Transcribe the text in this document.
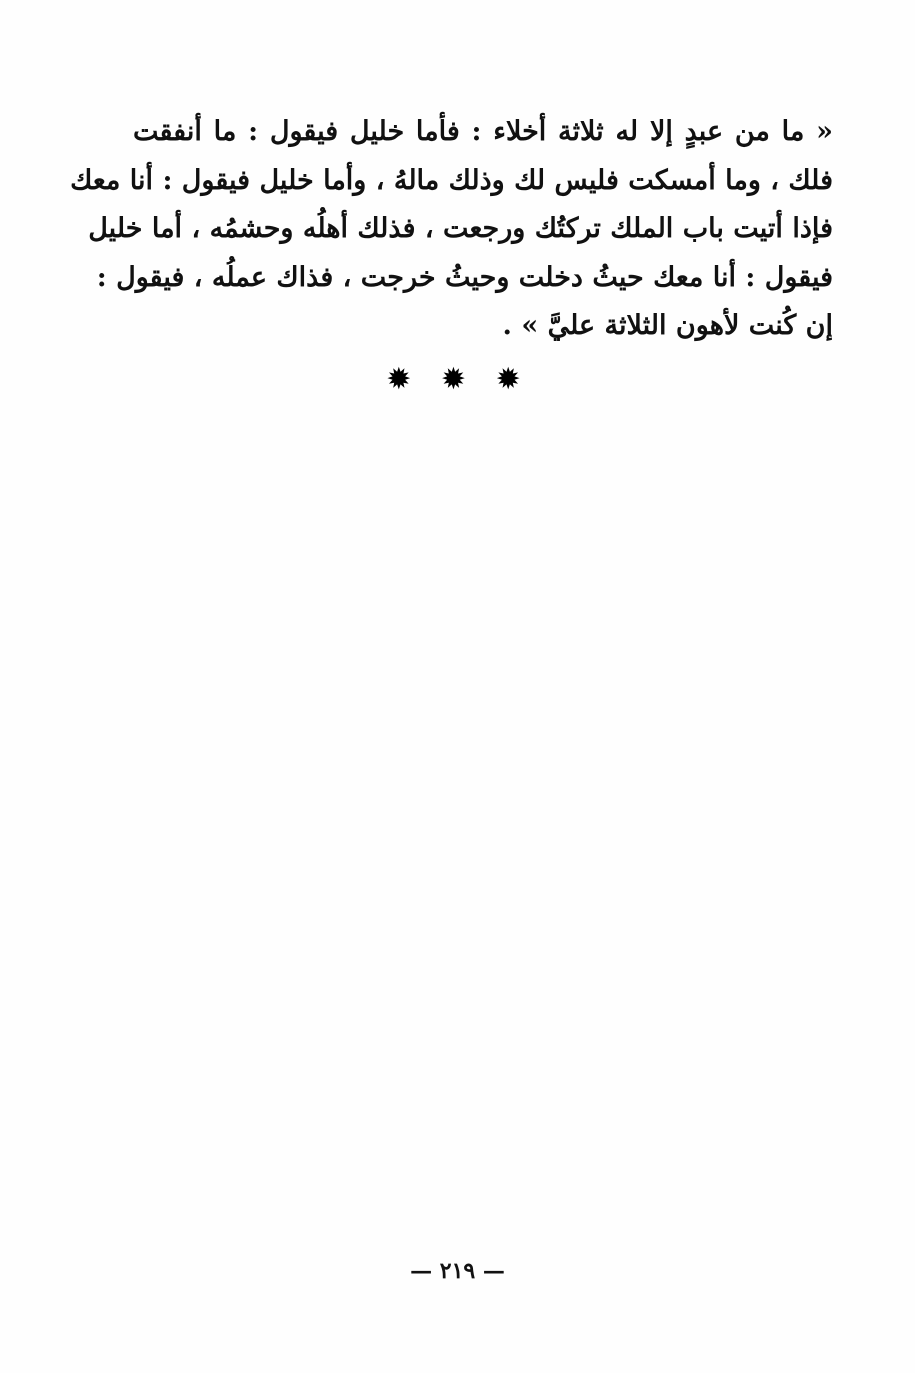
« ما من عبدٍ إلا له ثلاثة أخلاء : فأما خليل فيقول : ما أنفقت
فلك ، وما أمسكت فليس لك وذلك مالهُ ، وأما خليل فيقول : أنا معك
فإذا أتيت باب الملك تركتُك ورجعت ، فذلك أهلُه وحشمُه ، أما خليل
فيقول : أنا معك حيثُ دخلت وحيثُ خرجت ، فذاك عملُه ، فيقول :
إن كُنت لأهون الثلاثة عليَّ » .
✹ ✹ ✹
— ٢١٩ —
